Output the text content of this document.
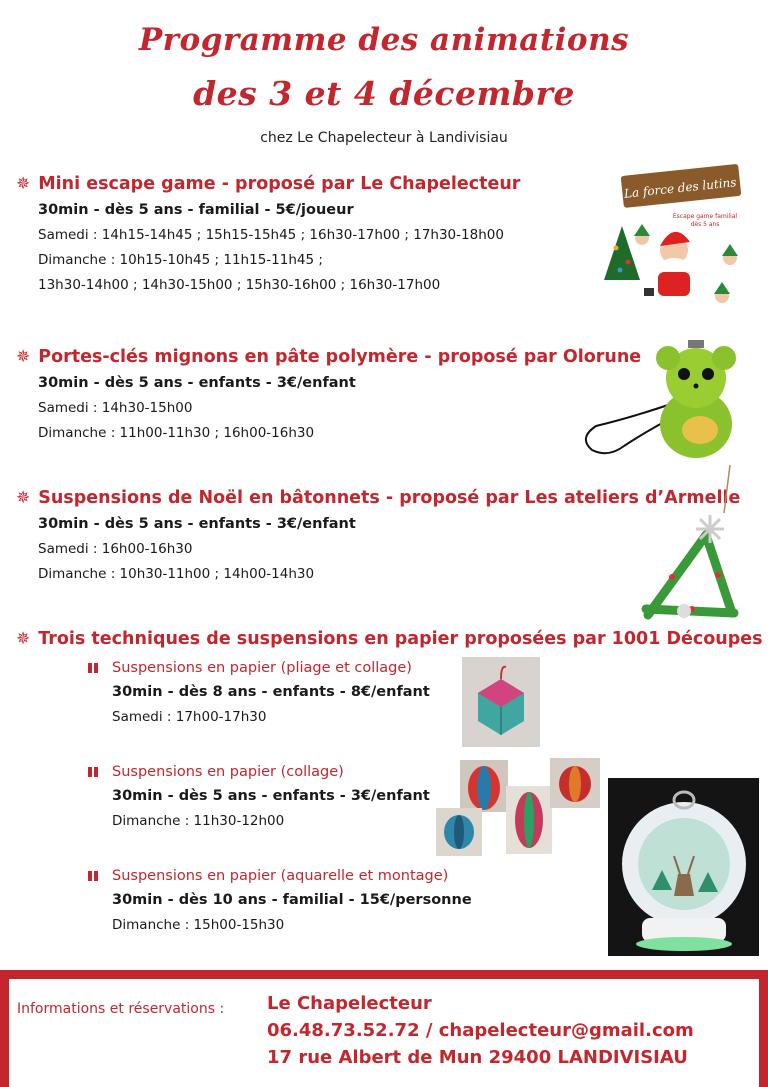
Programme des animations
des 3 et 4 décembre
chez Le Chapelecteur à Landivisiau
✵ Mini escape game - proposé par Le Chapelecteur
30min - dès 5 ans - familial - 5€/joueur
Samedi : 14h15-14h45 ; 15h15-15h45 ; 16h30-17h00 ; 17h30-18h00
Dimanche : 10h15-10h45 ; 11h15-11h45 ;
13h30-14h00 ; 14h30-15h00 ; 15h30-16h00 ; 16h30-17h00
La force des lutins
Escape game familial
dès 5 ans
✵ Portes-clés mignons en pâte polymère - proposé par Olorune
30min - dès 5 ans - enfants - 3€/enfant
Samedi : 14h30-15h00
Dimanche : 11h00-11h30 ; 16h00-16h30
✵ Suspensions de Noël en bâtonnets - proposé par Les ateliers d’Armelle
30min - dès 5 ans - enfants - 3€/enfant
Samedi : 16h00-16h30
Dimanche : 10h30-11h00 ; 14h00-14h30
✵ Trois techniques de suspensions en papier proposées par 1001 Découpes
Suspensions en papier (pliage et collage)
30min - dès 8 ans - enfants - 8€/enfant
Samedi : 17h00-17h30
Suspensions en papier (collage)
30min - dès 5 ans - enfants - 3€/enfant
Dimanche : 11h30-12h00
Suspensions en papier (aquarelle et montage)
30min - dès 10 ans - familial - 15€/personne
Dimanche : 15h00-15h30
Informations et réservations : Le Chapelecteur
06.48.73.52.72 / chapelecteur@gmail.com
17 rue Albert de Mun 29400 LANDIVISIAU
